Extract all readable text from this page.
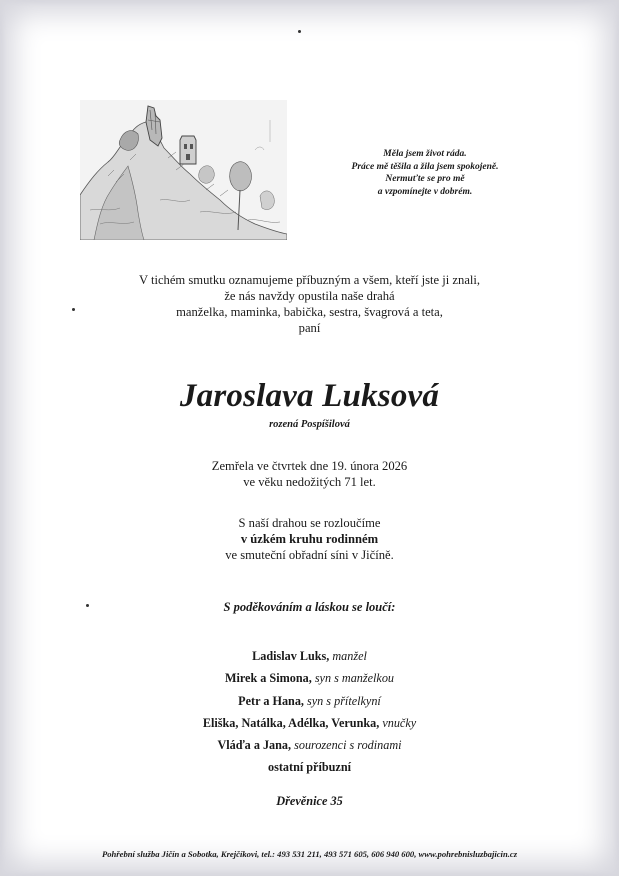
Měla jsem život ráda.
Práce mě těšila a žila jsem spokojeně.
Nermuťte se pro mě
a vzpomínejte v dobrém.
V tichém smutku oznamujeme příbuzným a všem, kteří jste ji znali,
že nás navždy opustila naše drahá
manželka, maminka, babička, sestra, švagrová a teta,
paní
Jaroslava Luksová
rozená Pospíšilová
Zemřela ve čtvrtek dne 19. února 2026
ve věku nedožitých 71 let.
S naší drahou se rozloučíme
v úzkém kruhu rodinném
ve smuteční obřadní síni v Jičíně.
S poděkováním a láskou se loučí:
Ladislav Luks, manžel
Mirek a Simona, syn s manželkou
Petr a Hana, syn s přítelkyní
Eliška, Natálka, Adélka, Verunka, vnučky
Vláďa a Jana, sourozenci s rodinami
ostatní příbuzní
Dřevěnice 35
Pohřební služba Jičín a Sobotka, Krejčíkovi, tel.: 493 531 211, 493 571 605, 606 940 600, www.pohrebnisluzbajicin.cz
